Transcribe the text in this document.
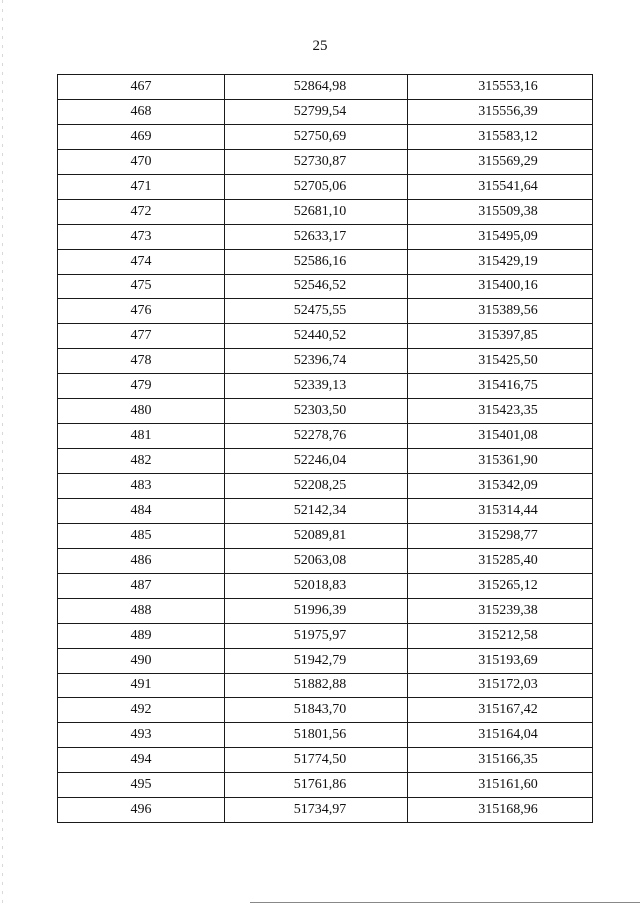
25
467	52864,98	315553,16
468	52799,54	315556,39
469	52750,69	315583,12
470	52730,87	315569,29
471	52705,06	315541,64
472	52681,10	315509,38
473	52633,17	315495,09
474	52586,16	315429,19
475	52546,52	315400,16
476	52475,55	315389,56
477	52440,52	315397,85
478	52396,74	315425,50
479	52339,13	315416,75
480	52303,50	315423,35
481	52278,76	315401,08
482	52246,04	315361,90
483	52208,25	315342,09
484	52142,34	315314,44
485	52089,81	315298,77
486	52063,08	315285,40
487	52018,83	315265,12
488	51996,39	315239,38
489	51975,97	315212,58
490	51942,79	315193,69
491	51882,88	315172,03
492	51843,70	315167,42
493	51801,56	315164,04
494	51774,50	315166,35
495	51761,86	315161,60
496	51734,97	315168,96
